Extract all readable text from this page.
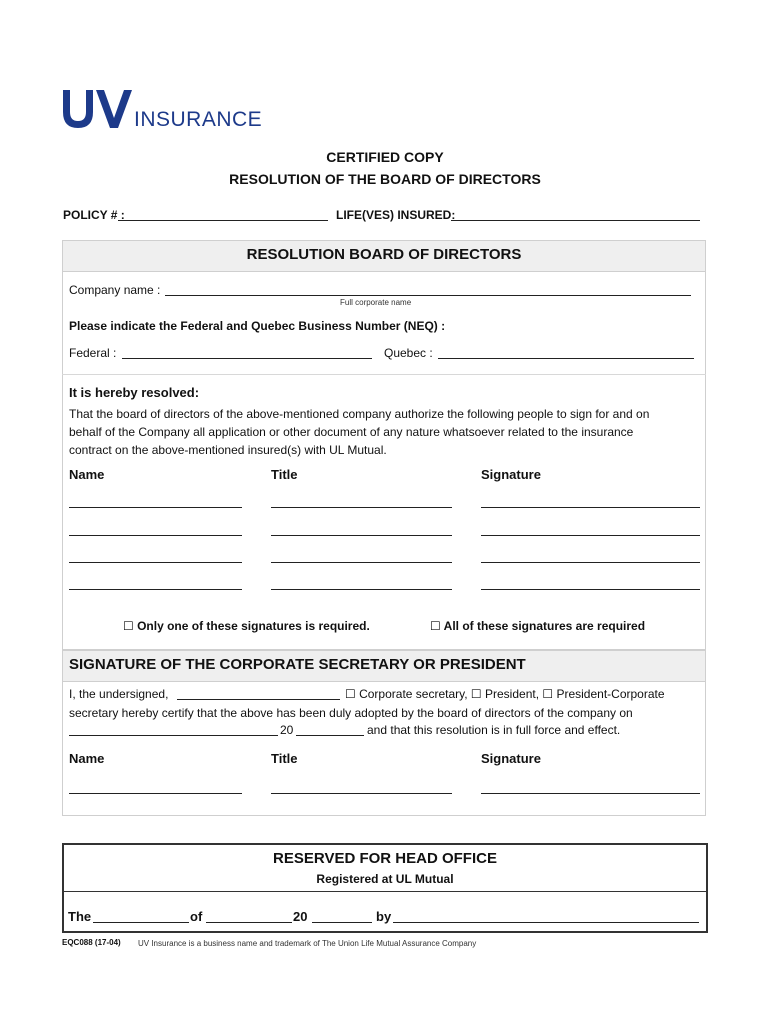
INSURANCE
CERTIFIED COPY
RESOLUTION OF THE BOARD OF DIRECTORS
POLICY # :	LIFE(VES) INSURED:
RESOLUTION BOARD OF DIRECTORS
Company name :
Full corporate name
Please indicate the Federal and Quebec Business Number (NEQ) :
Federal :	Quebec :
It is hereby resolved:
That the board of directors of the above-mentioned company authorize the following people to sign for and on
behalf of the Company all application or other document of any nature whatsoever related to the insurance
contract on the above-mentioned insured(s) with UL Mutual.
Name	Title	Signature
☐ Only one of these signatures is required.	☐ All of these signatures are required
SIGNATURE OF THE CORPORATE SECRETARY OR PRESIDENT
I, the undersigned,	☐ Corporate secretary, ☐ President, ☐ President-Corporate
secretary hereby certify that the above has been duly adopted by the board of directors of the company on
20	and that this resolution is in full force and effect.
Name	Title	Signature
RESERVED FOR HEAD OFFICE
Registered at UL Mutual
The	of	20	by
EQC088 (17-04) UV Insurance is a business name and trademark of The Union Life Mutual Assurance Company
